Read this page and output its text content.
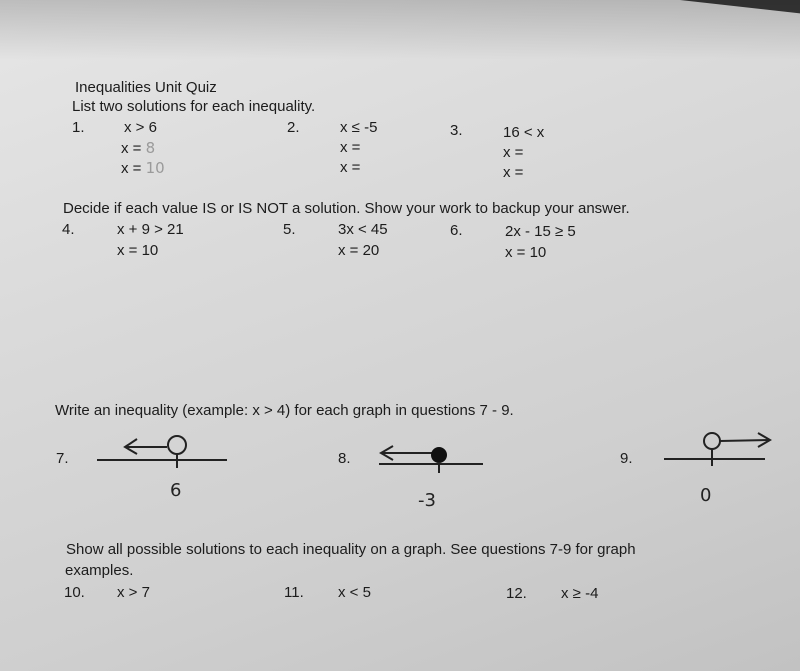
Inequalities Unit Quiz
List two solutions for each inequality.
1.	x > 6
x = 8
x = 10
2.	x ≤ -5
x =
x =
3.	16 < x
x =
x =
Decide if each value IS or IS NOT a solution. Show your work to backup your answer.
4.	x + 9 > 21
x = 10
5.	3x < 45
x = 20
6.	2x - 15 ≥ 5
x = 10
Write an inequality (example: x > 4) for each graph in questions 7 - 9.
7.
6
8.
-3
9.
0
Show all possible solutions to each inequality on a graph. See questions 7-9 for graph
examples.
10. x > 7	11. x < 5	12. x ≥ -4
